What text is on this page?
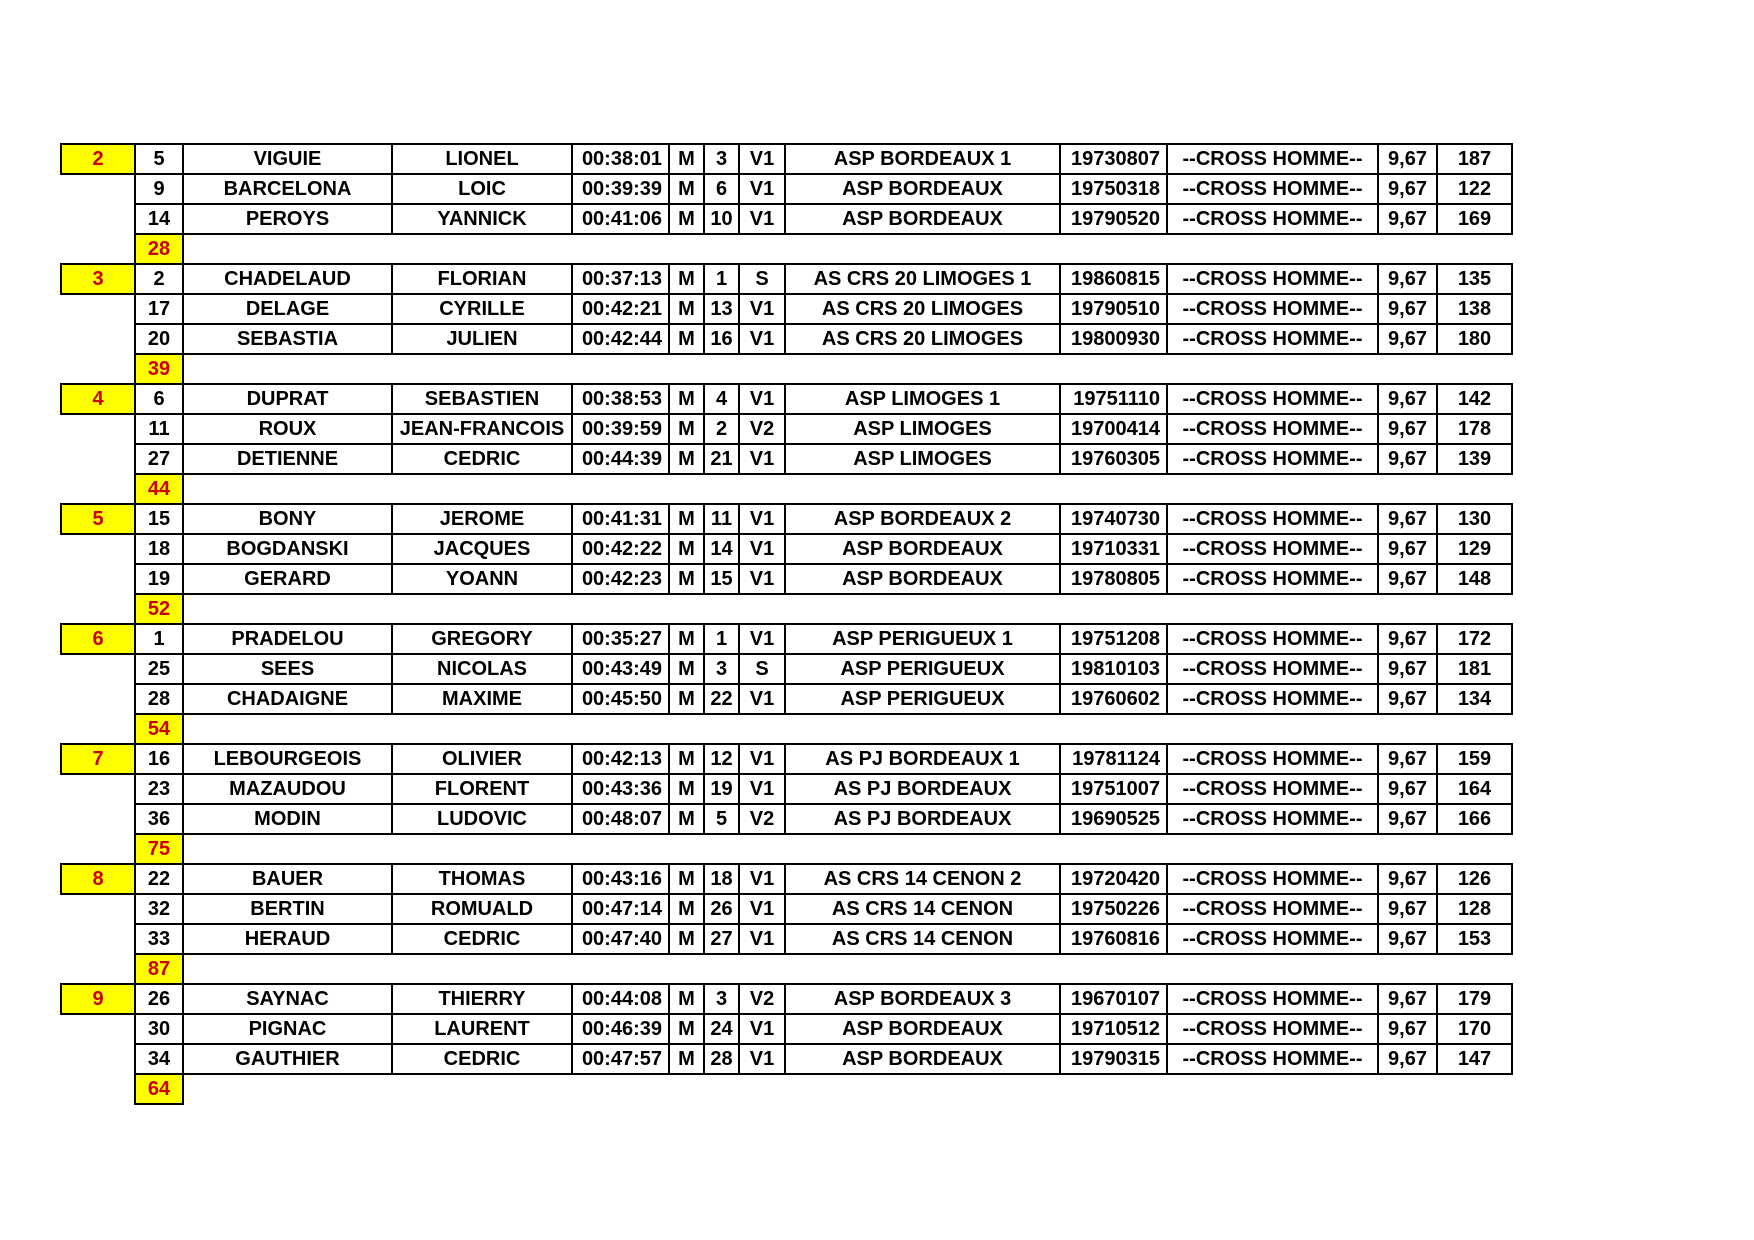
2	5	VIGUIE	LIONEL	00:38:01	M	3	V1	ASP BORDEAUX 1	19730807	--CROSS HOMME--	9,67	187
	9	BARCELONA	LOIC	00:39:39	M	6	V1	ASP BORDEAUX	19750318	--CROSS HOMME--	9,67	122
	14	PEROYS	YANNICK	00:41:06	M	10	V1	ASP BORDEAUX	19790520	--CROSS HOMME--	9,67	169
	28											
3	2	CHADELAUD	FLORIAN	00:37:13	M	1	S	AS CRS 20 LIMOGES 1	19860815	--CROSS HOMME--	9,67	135
	17	DELAGE	CYRILLE	00:42:21	M	13	V1	AS CRS 20 LIMOGES	19790510	--CROSS HOMME--	9,67	138
	20	SEBASTIA	JULIEN	00:42:44	M	16	V1	AS CRS 20 LIMOGES	19800930	--CROSS HOMME--	9,67	180
	39											
4	6	DUPRAT	SEBASTIEN	00:38:53	M	4	V1	ASP LIMOGES 1	19751110	--CROSS HOMME--	9,67	142
	11	ROUX	JEAN-FRANCOIS	00:39:59	M	2	V2	ASP LIMOGES	19700414	--CROSS HOMME--	9,67	178
	27	DETIENNE	CEDRIC	00:44:39	M	21	V1	ASP LIMOGES	19760305	--CROSS HOMME--	9,67	139
	44											
5	15	BONY	JEROME	00:41:31	M	11	V1	ASP BORDEAUX 2	19740730	--CROSS HOMME--	9,67	130
	18	BOGDANSKI	JACQUES	00:42:22	M	14	V1	ASP BORDEAUX	19710331	--CROSS HOMME--	9,67	129
	19	GERARD	YOANN	00:42:23	M	15	V1	ASP BORDEAUX	19780805	--CROSS HOMME--	9,67	148
	52											
6	1	PRADELOU	GREGORY	00:35:27	M	1	V1	ASP PERIGUEUX 1	19751208	--CROSS HOMME--	9,67	172
	25	SEES	NICOLAS	00:43:49	M	3	S	ASP PERIGUEUX	19810103	--CROSS HOMME--	9,67	181
	28	CHADAIGNE	MAXIME	00:45:50	M	22	V1	ASP PERIGUEUX	19760602	--CROSS HOMME--	9,67	134
	54											
7	16	LEBOURGEOIS	OLIVIER	00:42:13	M	12	V1	AS PJ BORDEAUX 1	19781124	--CROSS HOMME--	9,67	159
	23	MAZAUDOU	FLORENT	00:43:36	M	19	V1	AS PJ BORDEAUX	19751007	--CROSS HOMME--	9,67	164
	36	MODIN	LUDOVIC	00:48:07	M	5	V2	AS PJ BORDEAUX	19690525	--CROSS HOMME--	9,67	166
	75											
8	22	BAUER	THOMAS	00:43:16	M	18	V1	AS CRS 14 CENON 2	19720420	--CROSS HOMME--	9,67	126
	32	BERTIN	ROMUALD	00:47:14	M	26	V1	AS CRS 14 CENON	19750226	--CROSS HOMME--	9,67	128
	33	HERAUD	CEDRIC	00:47:40	M	27	V1	AS CRS 14 CENON	19760816	--CROSS HOMME--	9,67	153
	87											
9	26	SAYNAC	THIERRY	00:44:08	M	3	V2	ASP BORDEAUX 3	19670107	--CROSS HOMME--	9,67	179
	30	PIGNAC	LAURENT	00:46:39	M	24	V1	ASP BORDEAUX	19710512	--CROSS HOMME--	9,67	170
	34	GAUTHIER	CEDRIC	00:47:57	M	28	V1	ASP BORDEAUX	19790315	--CROSS HOMME--	9,67	147
	64											
